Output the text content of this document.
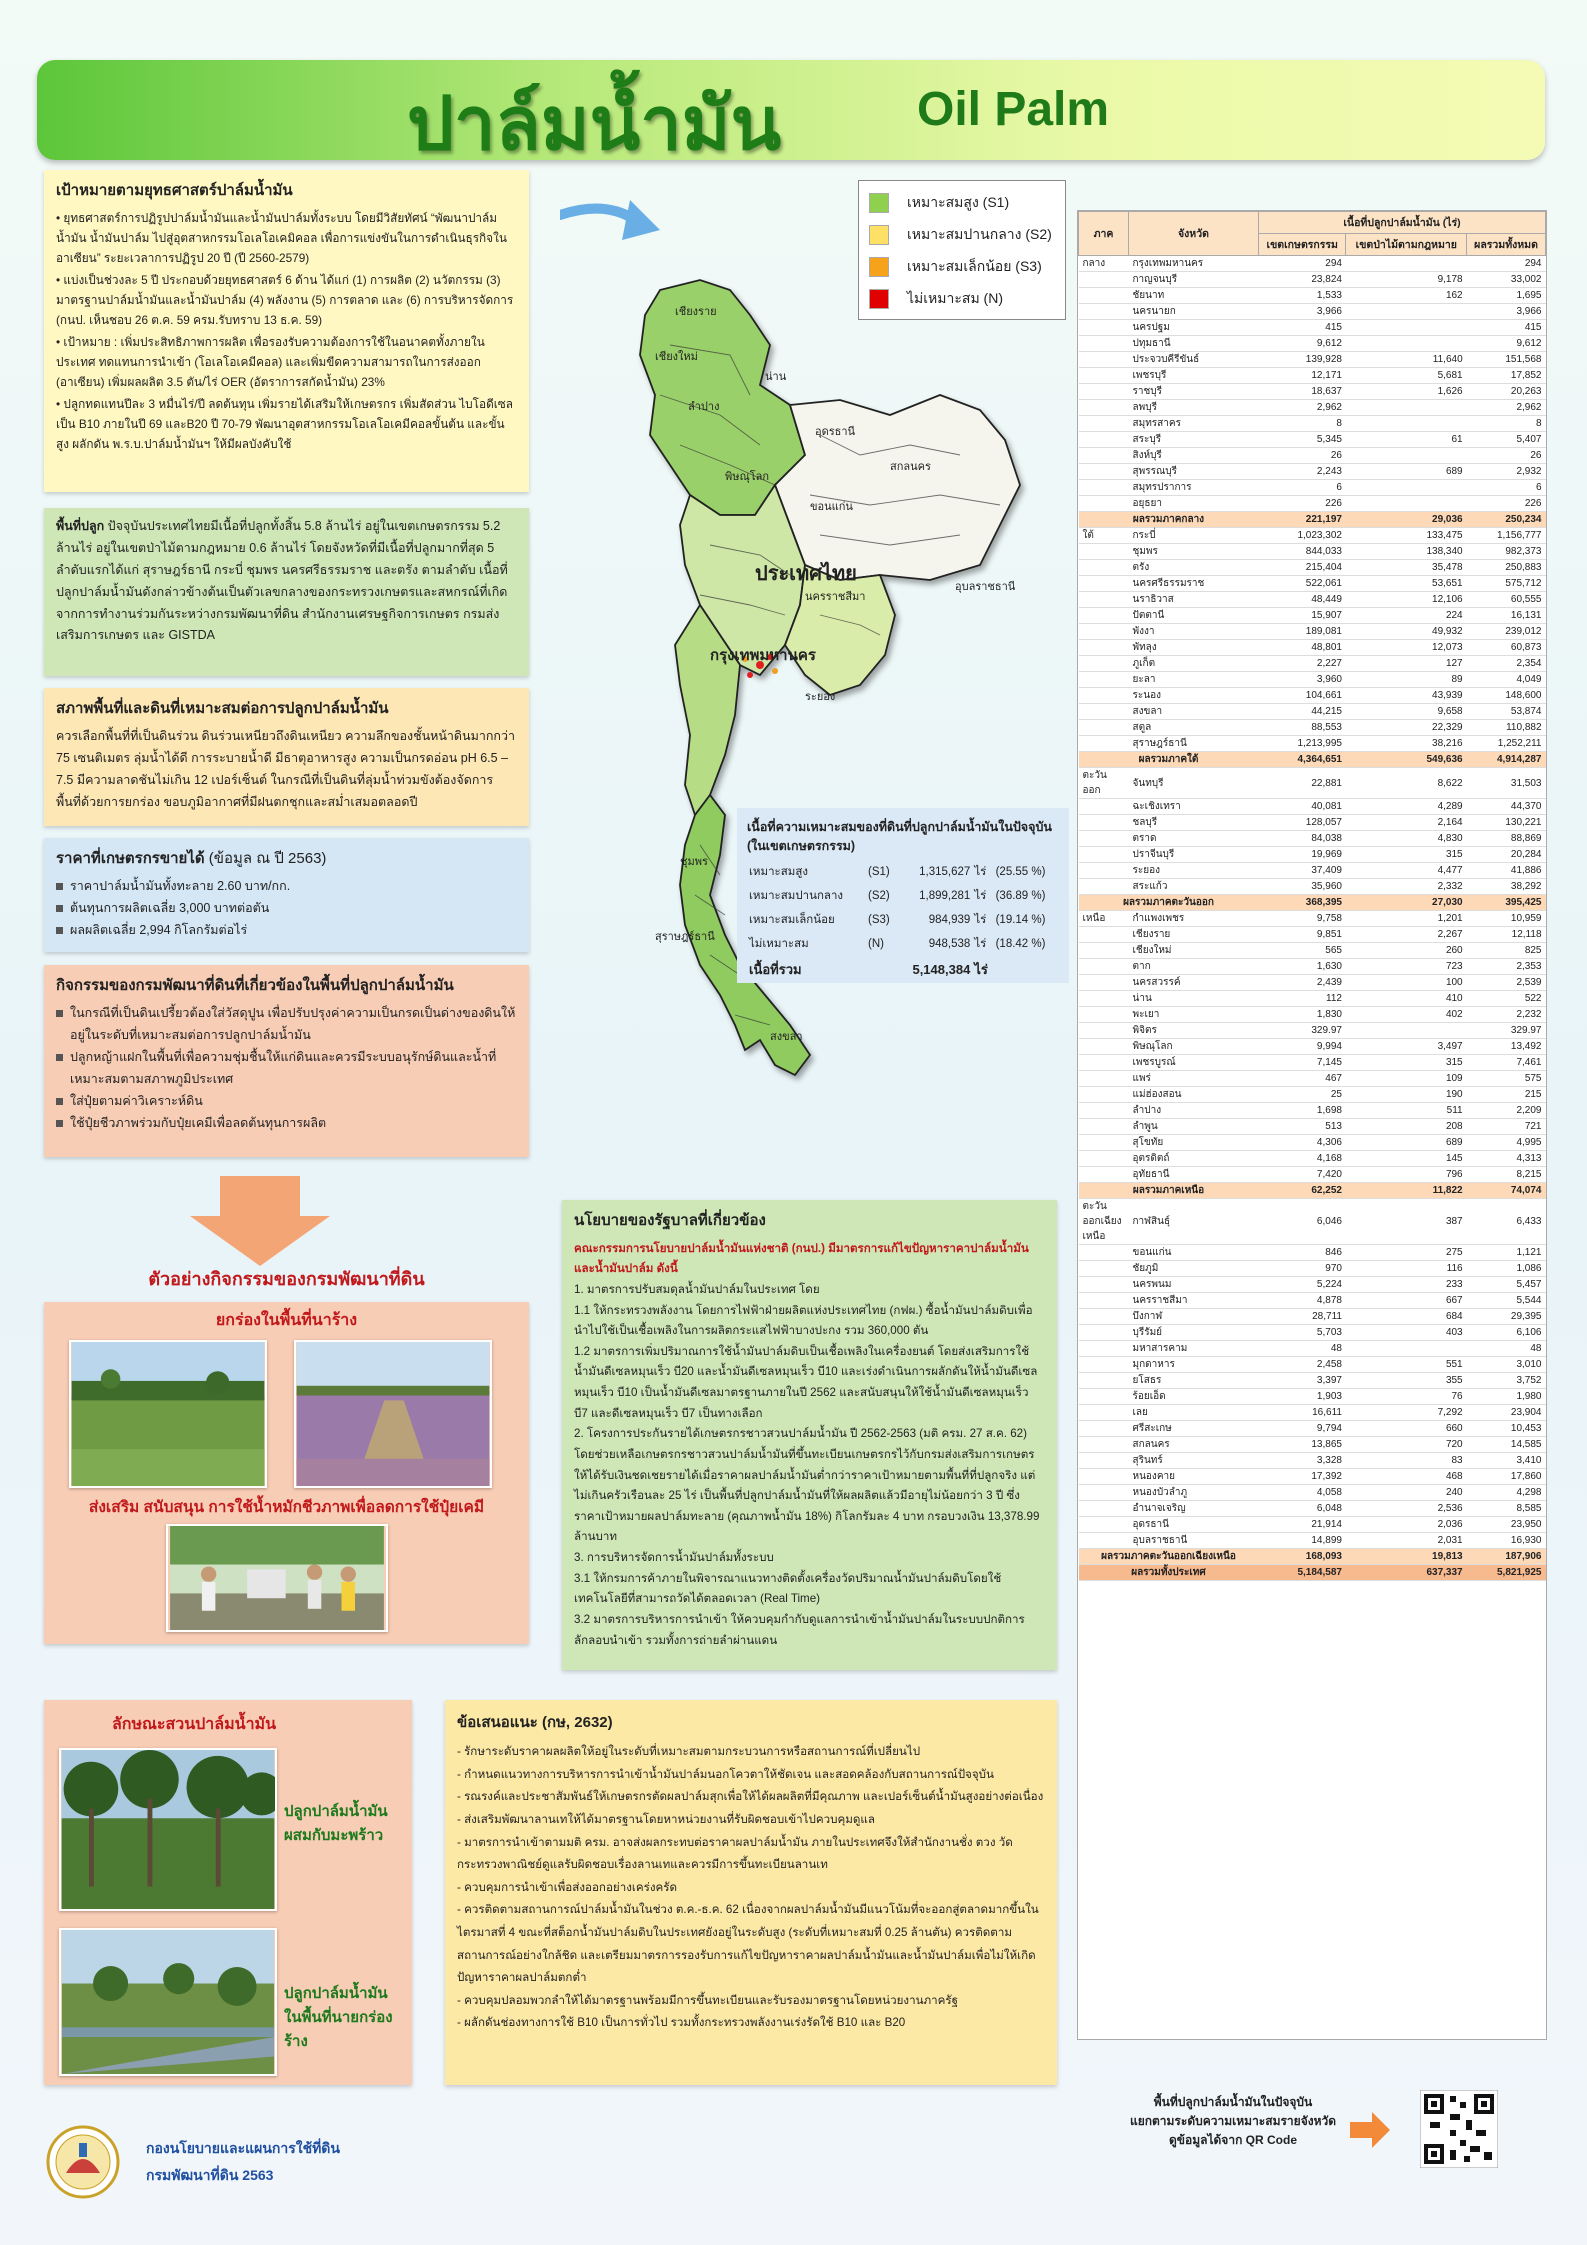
ปาล์มน้ำมัน	Oil Palm
เป้าหมายตามยุทธศาสตร์ปาล์มน้ำมัน
• ยุทธศาสตร์การปฏิรูปปาล์มน้ำมันและน้ำมันปาล์มทั้งระบบ โดยมีวิสัยทัศน์ “พัฒนาปาล์มน้ำมัน น้ำมันปาล์ม ไปสู่อุตสาหกรรมโอเลโอเคมิคอล เพื่อการแข่งขันในการดำเนินธุรกิจในอาเซียน” ระยะเวลาการปฏิรูป 20 ปี (ปี 2560-2579)
• แบ่งเป็นช่วงละ 5 ปี ประกอบด้วยยุทธศาสตร์ 6 ด้าน ได้แก่ (1) การผลิต (2) นวัตกรรม (3) มาตรฐานปาล์มน้ำมันและน้ำมันปาล์ม (4) พลังงาน (5) การตลาด และ (6) การบริหารจัดการ (กนป. เห็นชอบ 26 ต.ค. 59 ครม.รับทราบ 13 ธ.ค. 59)
• เป้าหมาย : เพิ่มประสิทธิภาพการผลิต เพื่อรองรับความต้องการใช้ในอนาคตทั้งภายในประเทศ ทดแทนการนำเข้า (โอเลโอเคมีคอล) และเพิ่มขีดความสามารถในการส่งออก (อาเซียน) เพิ่มผลผลิต 3.5 ตัน/ไร่ OER (อัตราการสกัดน้ำมัน) 23%
• ปลูกทดแทนปีละ 3 หมื่นไร่/ปี ลดต้นทุน เพิ่มรายได้เสริมให้เกษตรกร เพิ่มสัดส่วน ไบโอดีเซลเป็น B10 ภายในปี 69 และB20 ปี 70-79 พัฒนาอุตสาหกรรมโอเลโอเคมีคอลขั้นต้น และขั้นสูง ผลักดัน พ.ร.บ.ปาล์มน้ำมันฯ ให้มีผลบังคับใช้

พื้นที่ปลูก ปัจจุบันประเทศไทยมีเนื้อที่ปลูกทั้งสิ้น 5.8 ล้านไร่ อยู่ในเขตเกษตรกรรม 5.2 ล้านไร่ อยู่ในเขตป่าไม้ตามกฎหมาย 0.6 ล้านไร่ โดยจังหวัดที่มีเนื้อที่ปลูกมากที่สุด 5 ลำดับแรกได้แก่ สุราษฎร์ธานี กระบี่ ชุมพร นครศรีธรรมราช และตรัง ตามลำดับ เนื้อที่ปลูกปาล์มน้ำมันดังกล่าวข้างต้นเป็นตัวเลขกลางของกระทรวงเกษตรและสหกรณ์ที่เกิดจากการทำงานร่วมกันระหว่างกรมพัฒนาที่ดิน สำนักงานเศรษฐกิจการเกษตร กรมส่งเสริมการเกษตร และ GISTDA

สภาพพื้นที่และดินที่เหมาะสมต่อการปลูกปาล์มน้ำมัน

ควรเลือกพื้นที่ที่เป็นดินร่วน ดินร่วนเหนียวถึงดินเหนียว ความลึกของชั้นหน้าดินมากกว่า 75 เซนติเมตร ลุ่มน้ำได้ดี การระบายน้ำดี มีธาตุอาหารสูง ความเป็นกรดอ่อน pH 6.5 – 7.5 มีความลาดชันไม่เกิน 12 เปอร์เซ็นต์ ในกรณีที่เป็นดินที่ลุ่มน้ำท่วมขังต้องจัดการพื้นที่ด้วยการยกร่อง ขอบภูมิอากาศที่มีฝนตกชุกและสม่ำเสมอตลอดปี

ราคาที่เกษตรกรขายได้ (ข้อมูล ณ ปี 2563)
ราคาปาล์มน้ำมันทั้งทะลาย 2.60 บาท/กก.
ต้นทุนการผลิตเฉลี่ย 3,000 บาทต่อตัน
ผลผลิตเฉลี่ย 2,994 กิโลกรัมต่อไร่
กิจกรรมของกรมพัฒนาที่ดินที่เกี่ยวข้องในพื้นที่ปลูกปาล์มน้ำมัน
ในกรณีที่เป็นดินเปรี้ยวต้องใส่วัสดุปูน เพื่อปรับปรุงค่าความเป็นกรดเป็นด่างของดินให้อยู่ในระดับที่เหมาะสมต่อการปลูกปาล์มน้ำมัน
ปลูกหญ้าแฝกในพื้นที่เพื่อความชุ่มชื้นให้แก่ดินและควรมีระบบอนุรักษ์ดินและน้ำที่เหมาะสมตามสภาพภูมิประเทศ
ใส่ปุ๋ยตามค่าวิเคราะห์ดิน
ใช้ปุ๋ยชีวภาพร่วมกับปุ๋ยเคมีเพื่อลดต้นทุนการผลิต
ตัวอย่างกิจกรรมของกรมพัฒนาที่ดิน
ยกร่องในพื้นที่นาร้าง
ส่งเสริม สนับสนุน การใช้น้ำหมักชีวภาพเพื่อลดการใช้ปุ๋ยเคมี
ลักษณะสวนปาล์มน้ำมัน
ปลูกปาล์มน้ำมัน
ผสมกับมะพร้าว
ปลูกปาล์มน้ำมัน
ในพื้นที่นายกร่องร้าง
เชียงราย
น่าน
เชียงใหม่
ลำปาง
อุดรธานี
สกลนคร
พิษณุโลก
ขอนแก่น
ประเทศไทย
นครราชสีมา
อุบลราชธานี
กรุงเทพมหานคร
ระยอง
ชุมพร
สุราษฎร์ธานี
สงขลา
เหมาะสมสูง (S1)
เหมาะสมปานกลาง (S2)
เหมาะสมเล็กน้อย (S3)
ไม่เหมาะสม (N)
เนื้อที่ความเหมาะสมของที่ดินที่ปลูกปาล์มน้ำมันในปัจจุบัน (ในเขตเกษตรกรรม)
เหมาะสมสูง	(S1)	1,315,627	ไร่	(25.55 %)
เหมาะสมปานกลาง	(S2)	1,899,281	ไร่	(36.89 %)
เหมาะสมเล็กน้อย	(S3)	984,939	ไร่	(19.14 %)
ไม่เหมาะสม	(N)	948,538	ไร่	(18.42 %)
เนื้อที่รวม		5,148,384	ไร่	
นโยบายของรัฐบาลที่เกี่ยวข้อง

คณะกรรมการนโยบายปาล์มน้ำมันแห่งชาติ (กนป.) มีมาตรการแก้ไขปัญหาราคาปาล์มน้ำมันและน้ำมันปาล์ม ดังนี้

1. มาตรการปรับสมดุลน้ำมันปาล์มในประเทศ โดย
1.1 ให้กระทรวงพลังงาน โดยการไฟฟ้าฝ่ายผลิตแห่งประเทศไทย (กฟผ.) ซื้อน้ำมันปาล์มดิบเพื่อนำไปใช้เป็นเชื้อเพลิงในการผลิตกระแสไฟฟ้าบางปะกง รวม 360,000 ตัน
1.2 มาตรการเพิ่มปริมาณการใช้น้ำมันปาล์มดิบเป็นเชื้อเพลิงในเครื่องยนต์ โดยส่งเสริมการใช้น้ำมันดีเซลหมุนเร็ว บี20 และน้ำมันดีเซลหมุนเร็ว บี10 และเร่งดำเนินการผลักดันให้น้ำมันดีเซลหมุนเร็ว บี10 เป็นน้ำมันดีเซลมาตรฐานภายในปี 2562 และสนับสนุนให้ใช้น้ำมันดีเซลหมุนเร็ว บี7 และดีเซลหมุนเร็ว บี7 เป็นทางเลือก
2. โครงการประกันรายได้เกษตรกรชาวสวนปาล์มน้ำมัน ปี 2562-2563 (มติ ครม. 27 ส.ค. 62) โดยช่วยเหลือเกษตรกรชาวสวนปาล์มน้ำมันที่ขึ้นทะเบียนเกษตรกรไว้กับกรมส่งเสริมการเกษตร ให้ได้รับเงินชดเชยรายได้เมื่อราคาผลปาล์มน้ำมันต่ำกว่าราคาเป้าหมายตามพื้นที่ที่ปลูกจริง แต่ไม่เกินครัวเรือนละ 25 ไร่ เป็นพื้นที่ปลูกปาล์มน้ำมันที่ให้ผลผลิตแล้วมีอายุไม่น้อยกว่า 3 ปี ซึ่งราคาเป้าหมายผลปาล์มทะลาย (คุณภาพน้ำมัน 18%) กิโลกรัมละ 4 บาท กรอบวงเงิน 13,378.99 ล้านบาท
3. การบริหารจัดการน้ำมันปาล์มทั้งระบบ
3.1 ให้กรมการค้าภายในพิจารณาแนวทางติดตั้งเครื่องวัดปริมาณน้ำมันปาล์มดิบโดยใช้เทคโนโลยีที่สามารถวัดได้ตลอดเวลา (Real Time)
3.2 มาตรการบริหารการนำเข้า ให้ควบคุมกำกับดูแลการนำเข้าน้ำมันปาล์มในระบบปกติการลักลอบนำเข้า รวมทั้งการถ่ายลำผ่านแดน
ข้อเสนอแนะ (กษ, 2632)
- รักษาระดับราคาผลผลิตให้อยู่ในระดับที่เหมาะสมตามกระบวนการหรือสถานการณ์ที่เปลี่ยนไป
- กำหนดแนวทางการบริหารการนำเข้าน้ำมันปาล์มนอกโควตาให้ชัดเจน และสอดคล้องกับสถานการณ์ปัจจุบัน
- รณรงค์และประชาสัมพันธ์ให้เกษตรกรตัดผลปาล์มสุกเพื่อให้ได้ผลผลิตที่มีคุณภาพ และเปอร์เซ็นต์น้ำมันสูงอย่างต่อเนื่อง
- ส่งเสริมพัฒนาลานเทให้ได้มาตรฐานโดยหาหน่วยงานที่รับผิดชอบเข้าไปควบคุมดูแล
- มาตรการนำเข้าตามมติ ครม. อาจส่งผลกระทบต่อราคาผลปาล์มน้ำมัน ภายในประเทศจึงให้สำนักงานชั่ง ตวง วัด กระทรวงพาณิชย์ดูแลรับผิดชอบเรื่องลานเทและควรมีการขึ้นทะเบียนลานเท
- ควบคุมการนำเข้าเพื่อส่งออกอย่างเคร่งครัด
- ควรติดตามสถานการณ์ปาล์มน้ำมันในช่วง ต.ค.-ธ.ค. 62 เนื่องจากผลปาล์มน้ำมันมีแนวโน้มที่จะออกสู่ตลาดมากขึ้นในไตรมาสที่ 4 ขณะที่สต็อกน้ำมันปาล์มดิบในประเทศยังอยู่ในระดับสูง (ระดับที่เหมาะสมที่ 0.25 ล้านตัน) ควรติดตามสถานการณ์อย่างใกล้ชิด และเตรียมมาตรการรองรับการแก้ไขปัญหาราคาผลปาล์มน้ำมันและน้ำมันปาล์มเพื่อไม่ให้เกิดปัญหาราคาผลปาล์มตกต่ำ
- ควบคุมปลอมพวกลำให้ได้มาตรฐานพร้อมมีการขึ้นทะเบียนและรับรองมาตรฐานโดยหน่วยงานภาครัฐ
- ผลักดันช่องทางการใช้ B10 เป็นการทั่วไป รวมทั้งกระทรวงพลังงานเร่งรัดใช้ B10 และ B20
ภาค	จังหวัด	เนื้อที่ปลูกปาล์มน้ำมัน (ไร่)		
		เขตเกษตรกรรม	เขตป่าไม้ตามกฎหมาย	ผลรวมทั้งหมด
กลาง	กรุงเทพมหานคร	294		294
	กาญจนบุรี	23,824	9,178	33,002
	ชัยนาท	1,533	162	1,695
	นครนายก	3,966		3,966
	นครปฐม	415		415
	ปทุมธานี	9,612		9,612
	ประจวบคีรีขันธ์	139,928	11,640	151,568
	เพชรบุรี	12,171	5,681	17,852
	ราชบุรี	18,637	1,626	20,263
	ลพบุรี	2,962		2,962
	สมุทรสาคร	8		8
	สระบุรี	5,345	61	5,407
	สิงห์บุรี	26		26
	สุพรรณบุรี	2,243	689	2,932
	สมุทรปราการ	6		6
	อยุธยา	226		226
ผลรวมภาคกลาง		221,197	29,036	250,234
ใต้	กระบี่	1,023,302	133,475	1,156,777
	ชุมพร	844,033	138,340	982,373
	ตรัง	215,404	35,478	250,883
	นครศรีธรรมราช	522,061	53,651	575,712
	นราธิวาส	48,449	12,106	60,555
	ปัตตานี	15,907	224	16,131
	พังงา	189,081	49,932	239,012
	พัทลุง	48,801	12,073	60,873
	ภูเก็ต	2,227	127	2,354
	ยะลา	3,960	89	4,049
	ระนอง	104,661	43,939	148,600
	สงขลา	44,215	9,658	53,874
	สตูล	88,553	22,329	110,882
	สุราษฎร์ธานี	1,213,995	38,216	1,252,211
ผลรวมภาคใต้		4,364,651	549,636	4,914,287
ตะวันออก	จันทบุรี	22,881	8,622	31,503
	ฉะเชิงเทรา	40,081	4,289	44,370
	ชลบุรี	128,057	2,164	130,221
	ตราด	84,038	4,830	88,869
	ปราจีนบุรี	19,969	315	20,284
	ระยอง	37,409	4,477	41,886
	สระแก้ว	35,960	2,332	38,292
ผลรวมภาคตะวันออก		368,395	27,030	395,425
เหนือ	กำแพงเพชร	9,758	1,201	10,959
	เชียงราย	9,851	2,267	12,118
	เชียงใหม่	565	260	825
	ตาก	1,630	723	2,353
	นครสวรรค์	2,439	100	2,539
	น่าน	112	410	522
	พะเยา	1,830	402	2,232
	พิจิตร	329.97		329.97
	พิษณุโลก	9,994	3,497	13,492
	เพชรบูรณ์	7,145	315	7,461
	แพร่	467	109	575
	แม่ฮ่องสอน	25	190	215
	ลำปาง	1,698	511	2,209
	ลำพูน	513	208	721
	สุโขทัย	4,306	689	4,995
	อุตรดิตถ์	4,168	145	4,313
	อุทัยธานี	7,420	796	8,215
ผลรวมภาคเหนือ		62,252	11,822	74,074
ตะวันออกเฉียงเหนือ	กาฬสินธุ์	6,046	387	6,433
	ขอนแก่น	846	275	1,121
	ชัยภูมิ	970	116	1,086
	นครพนม	5,224	233	5,457
	นครราชสีมา	4,878	667	5,544
	บึงกาฬ	28,711	684	29,395
	บุรีรัมย์	5,703	403	6,106
	มหาสารคาม	48		48
	มุกดาหาร	2,458	551	3,010
	ยโสธร	3,397	355	3,752
	ร้อยเอ็ด	1,903	76	1,980
	เลย	16,611	7,292	23,904
	ศรีสะเกษ	9,794	660	10,453
	สกลนคร	13,865	720	14,585
	สุรินทร์	3,328	83	3,410
	หนองคาย	17,392	468	17,860
	หนองบัวลำภู	4,058	240	4,298
	อำนาจเจริญ	6,048	2,536	8,585
	อุดรธานี	21,914	2,036	23,950
	อุบลราชธานี	14,899	2,031	16,930
ผลรวมภาคตะวันออกเฉียงเหนือ		168,093	19,813	187,906
ผลรวมทั้งประเทศ		5,184,587	637,337	5,821,925
พื้นที่ปลูกปาล์มน้ำมันในปัจจุบัน
แยกตามระดับความเหมาะสมรายจังหวัด
ดูข้อมูลได้จาก QR Code
กองนโยบายและแผนการใช้ที่ดิน
กรมพัฒนาที่ดิน 2563
